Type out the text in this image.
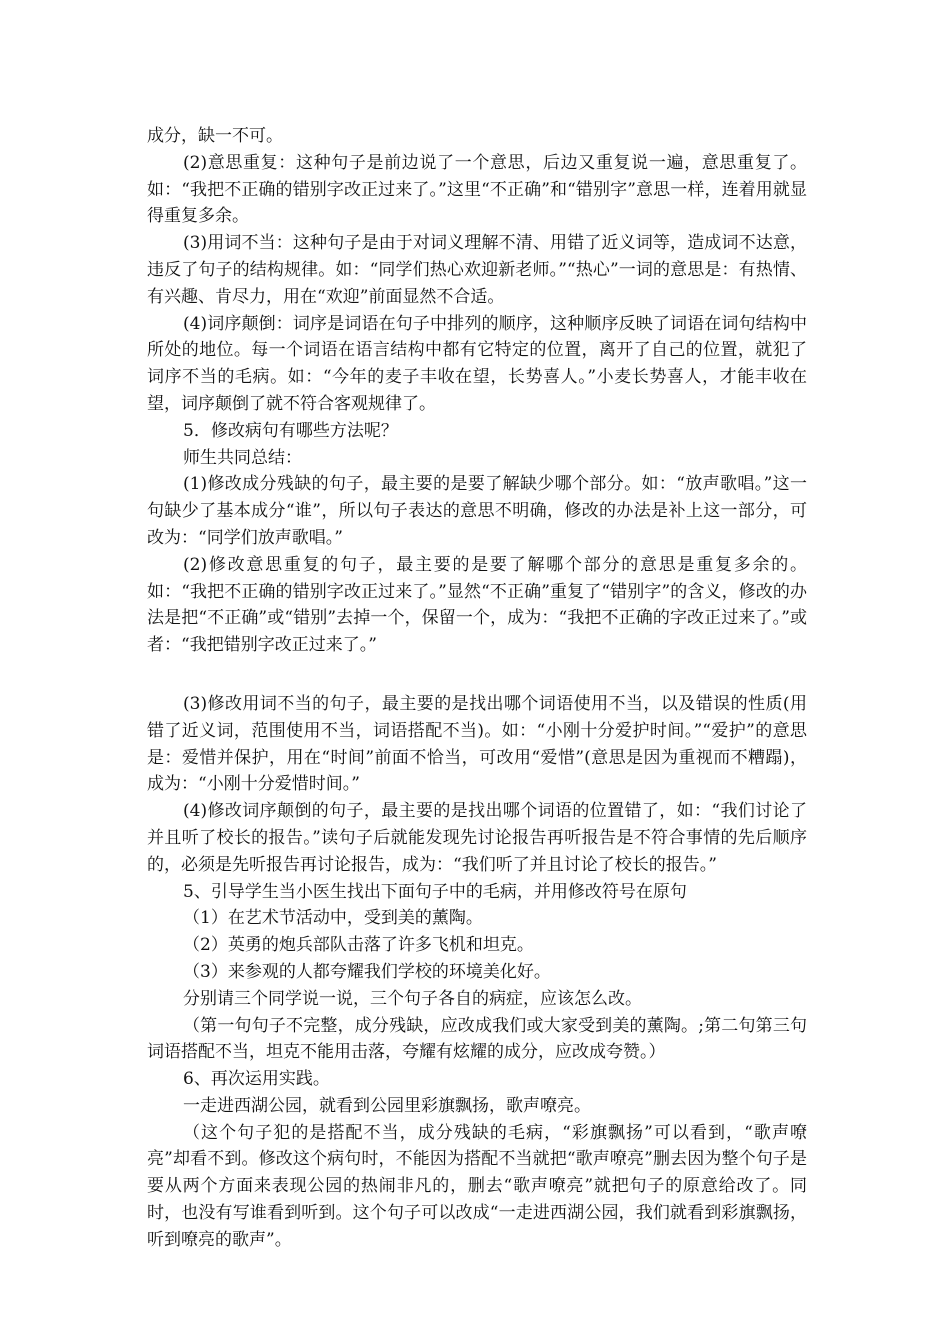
成分，缺一不可。

(2)意思重复：这种句子是前边说了一个意思，后边又重复说一遍，意思重复了。如：“我把不正确的错别字改正过来了。”这里“不正确”和“错别字”意思一样，连着用就显得重复多余。

(3)用词不当：这种句子是由于对词义理解不清、用错了近义词等，造成词不达意，违反了句子的结构规律。如：“同学们热心欢迎新老师。”“热心”一词的意思是：有热情、有兴趣、肯尽力，用在“欢迎”前面显然不合适。

(4)词序颠倒：词序是词语在句子中排列的顺序，这种顺序反映了词语在词句结构中所处的地位。每一个词语在语言结构中都有它特定的位置，离开了自己的位置，就犯了词序不当的毛病。如：“今年的麦子丰收在望，长势喜人。”小麦长势喜人，才能丰收在望，词序颠倒了就不符合客观规律了。

5．修改病句有哪些方法呢？

师生共同总结：

(1)修改成分残缺的句子，最主要的是要了解缺少哪个部分。如：“放声歌唱。”这一句缺少了基本成分“谁”，所以句子表达的意思不明确，修改的办法是补上这一部分，可改为：“同学们放声歌唱。”

(2)修改意思重复的句子，最主要的是要了解哪个部分的意思是重复多余的。如：“我把不正确的错别字改正过来了。”显然“不正确”重复了“错别字”的含义，修改的办法是把“不正确”或“错别”去掉一个，保留一个，成为：“我把不正确的字改正过来了。”或者：“我把错别字改正过来了。”

(3)修改用词不当的句子，最主要的是找出哪个词语使用不当，以及错误的性质(用错了近义词，范围使用不当，词语搭配不当)。如：“小刚十分爱护时间。”“爱护”的意思是：爱惜并保护，用在“时间”前面不恰当，可改用“爱惜”(意思是因为重视而不糟蹋)，成为：“小刚十分爱惜时间。”

(4)修改词序颠倒的句子，最主要的是找出哪个词语的位置错了，如：“我们讨论了并且听了校长的报告。”读句子后就能发现先讨论报告再听报告是不符合事情的先后顺序的，必须是先听报告再讨论报告，成为：“我们听了并且讨论了校长的报告。”

5、引导学生当小医生找出下面句子中的毛病，并用修改符号在原句

（1）在艺术节活动中，受到美的薰陶。

（2）英勇的炮兵部队击落了许多飞机和坦克。

（3）来参观的人都夸耀我们学校的环境美化好。

分别请三个同学说一说，三个句子各自的病症，应该怎么改。

（第一句句子不完整，成分残缺，应改成我们或大家受到美的薰陶。;第二句第三句词语搭配不当，坦克不能用击落，夸耀有炫耀的成分，应改成夸赞。）

6、再次运用实践。

一走进西湖公园，就看到公园里彩旗飘扬，歌声嘹亮。

（这个句子犯的是搭配不当，成分残缺的毛病，“彩旗飘扬”可以看到，“歌声嘹亮”却看不到。修改这个病句时，不能因为搭配不当就把“歌声嘹亮”删去因为整个句子是要从两个方面来表现公园的热闹非凡的，删去“歌声嘹亮”就把句子的原意给改了。同时，也没有写谁看到听到。这个句子可以改成“一走进西湖公园，我们就看到彩旗飘扬，听到嘹亮的歌声”。
